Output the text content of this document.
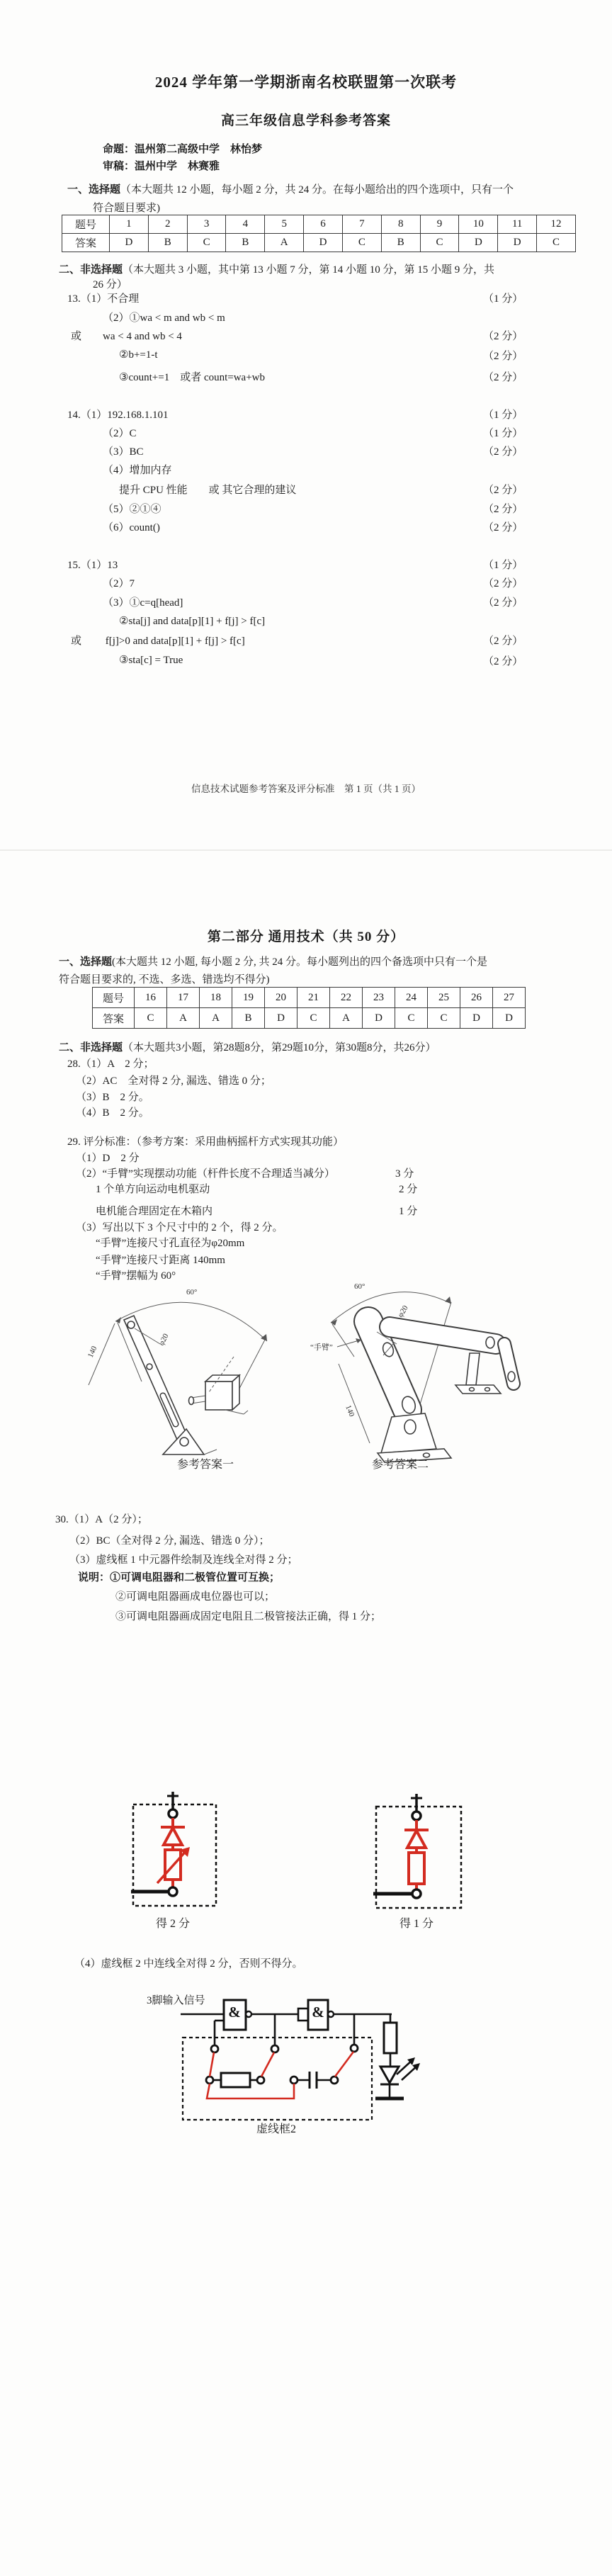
2024 学年第一学期浙南名校联盟第一次联考
高三年级信息学科参考答案
命题：温州第二高级中学　林怡梦
审稿：温州中学　林赛雅
一、选择题（本大题共 12 小题，每小题 2 分，共 24 分。在每小题给出的四个选项中，只有一个
符合题目要求)
题号	1	2	3	4	5	6	7	8	9	10	11	12
答案	D	B	C	B	A	D	C	B	C	D	D	C
二、非选择题（本大题共 3 小题，其中第 13 小题 7 分，第 14 小题 10 分，第 15 小题 9 分，共
26 分）
13.（1）不合理	（1 分）
（2）①wa < m and wb < m
或　　wa < 4 and wb < 4	（2 分）
②b+=1-t	（2 分）
③count+=1　或者 count=wa+wb	（2 分）
14.（1）192.168.1.101	（1 分）
（2）C	（1 分）
（3）BC	（2 分）
（4）增加内存
提升 CPU 性能　　或 其它合理的建议	（2 分）
（5）②①④	（2 分）
（6）count()	（2 分）
15.（1）13	（1 分）
（2）7	（2 分）
（3）①c=q[head]	（2 分）
②sta[j] and data[p][1] + f[j] > f[c]
或　　 f[j]>0 and data[p][1] + f[j] > f[c]	（2 分）
③sta[c] = True	（2 分）
信息技术试题参考答案及评分标准　第 1 页（共 1 页）
第二部分 通用技术（共 50 分）
一、选择题(本大题共 12 小题, 每小题 2 分, 共 24 分。每小题列出的四个备选项中只有一个是
符合题目要求的, 不选、多选、错选均不得分)
题号	16	17	18	19	20	21	22	23	24	25	26	27
答案	C	A	A	B	D	C	A	D	C	C	D	D
二、非选择题（本大题共3小题，第28题8分，第29题10分，第30题8分，共26分）
28.（1）A　2 分；
（2）AC　全对得 2 分, 漏选、错选 0 分；
（3）B　2 分。
（4）B　2 分。
29. 评分标准：（参考方案：采用曲柄摇杆方式实现其功能）
（1）D　2 分
（2）“手臂”实现摆动功能（杆件长度不合理适当减分）	3 分
1 个单方向运动电机驱动	2 分
电机能合理固定在木箱内	1 分
（3）写出以下 3 个尺寸中的 2 个，得 2 分。
“手臂”连接尺寸孔直径为φ20mm
“手臂”连接尺寸距离 140mm
“手臂”摆幅为 60°
60°
140
φ20
60°
φ20
140
“手臂”
参考答案一	参考答案二
30.（1）A（2 分）；
（2）BC（全对得 2 分, 漏选、错选 0 分）；
（3）虚线框 1 中元器件绘制及连线全对得 2 分；
说明：①可调电阻器和二极管位置可互换；
②可调电阻器画成电位器也可以；
③可调电阻器画成固定电阻且二极管接法正确，得 1 分；
得 2 分	得 1 分
（4）虚线框 2 中连线全对得 2 分，否则不得分。
3脚输入信号
&	&
虚线框2
